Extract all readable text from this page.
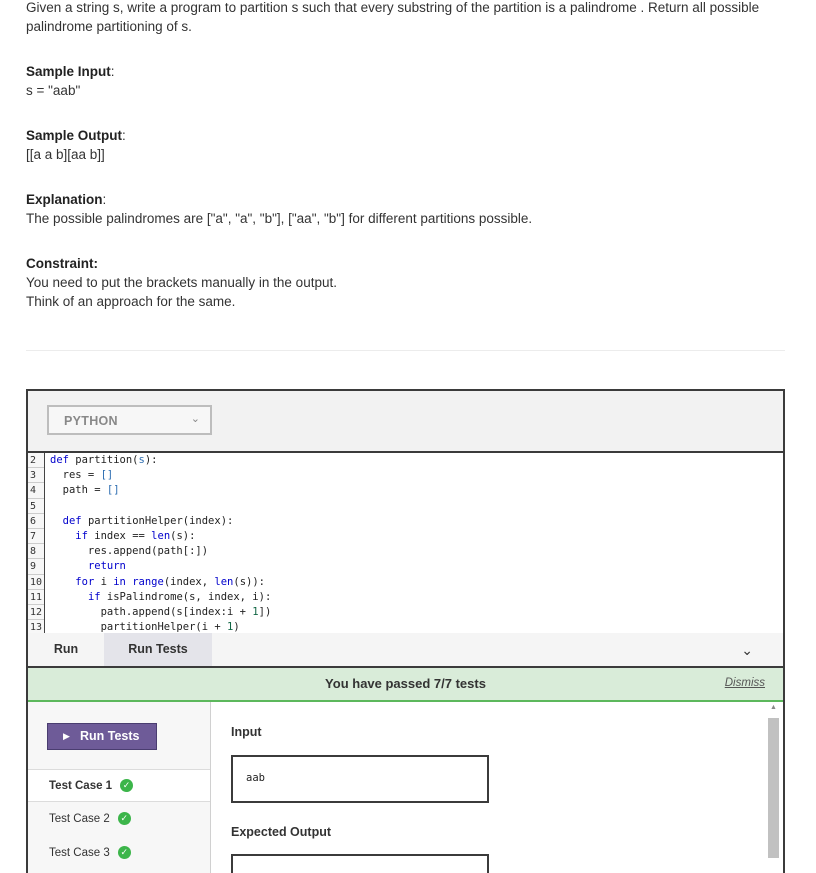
Given a string s, write a program to partition s such that every substring of the partition is a palindrome . Return all possible palindrome partitioning of s.

Sample Input:

s = "aab"

Sample Output:

[[a a b][aa b]]

Explanation:

The possible palindromes are ["a", "a", "b"], ["aa", "b"] for different partitions possible.

Constraint:

You need to put the brackets manually in the output.

Think of an approach for the same.

PYTHON	⌄
2
3
4
5
6
7
8
9
10
11
12
13
def partition(s):
res = []
path = []

def partitionHelper(index):
if index == len(s):
res.append(path[:])
return
for i in range(index, len(s)):
if isPalindrome(s, index, i):
path.append(s[index:i + 1])
partitionHelper(i + 1)
Run	Run Tests	⌄
You have passed 7/7 tests	Dismiss
▶ Run Tests
Test Case 1 ✓
Test Case 2 ✓
Test Case 3 ✓
Input
aab
Expected Output
▲
